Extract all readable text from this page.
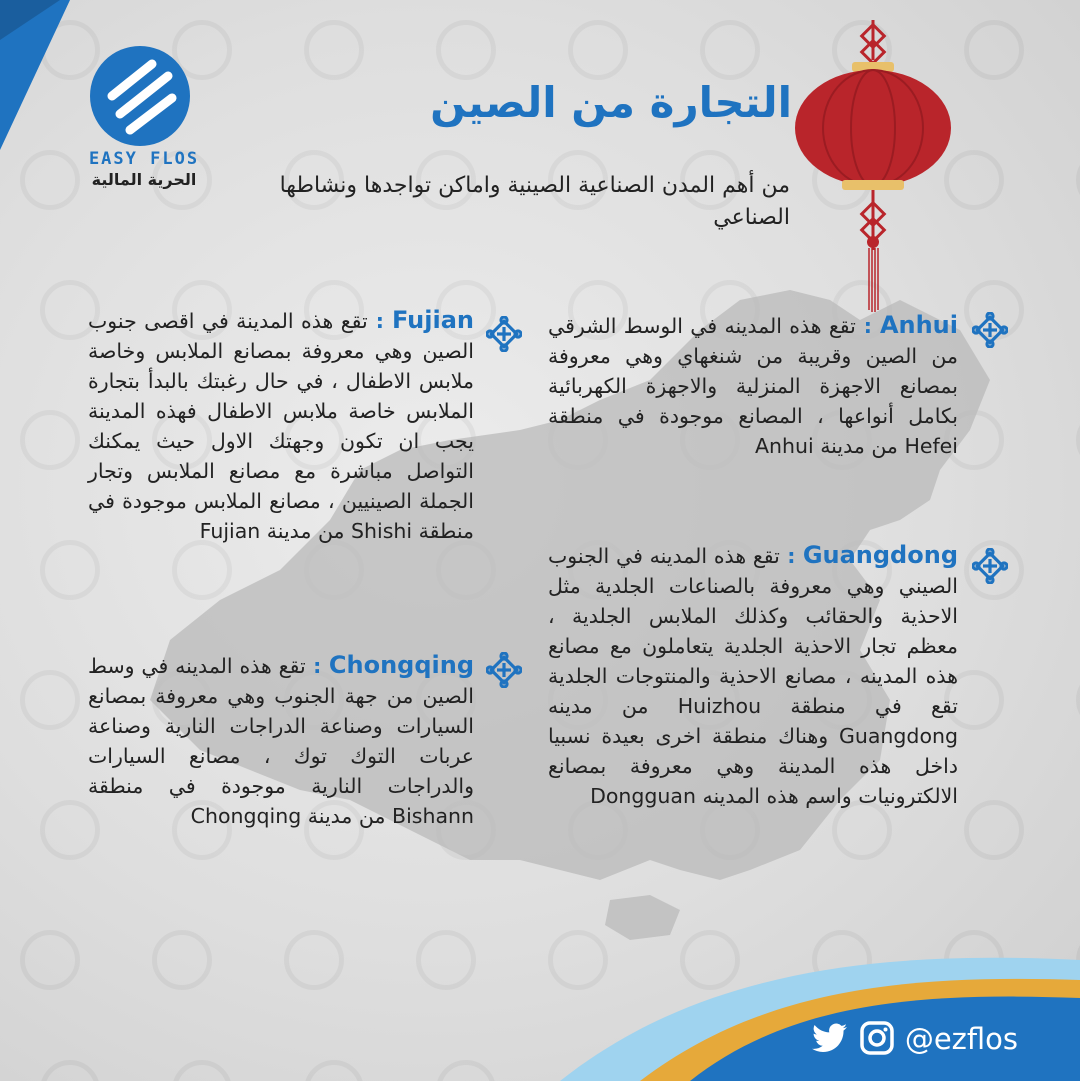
EASY FLOS
الحرية المالية
التجارة من الصين
من أهم المدن الصناعية الصينية واماكن تواجدها ونشاطها الصناعي
Anhui : تقع هذه المدينه في الوسط الشرقي من الصين وقريبة من شنغهاي وهي معروفة بمصانع الاجهزة المنزلية والاجهزة الكهربائية بكامل أنواعها ، المصانع موجودة في منطقة Hefei من مدينة Anhui
Guangdong : تقع هذه المدينه في الجنوب الصيني وهي معروفة بالصناعات الجلدية مثل الاحذية والحقائب وكذلك الملابس الجلدية ، معظم تجار الاحذية الجلدية يتعاملون مع مصانع هذه المدينه ، مصانع الاحذية والمنتوجات الجلدية تقع في منطقة Huizhou من مدينه Guangdong وهناك منطقة اخرى بعيدة نسبيا داخل هذه المدينة وهي معروفة بمصانع الالكترونيات واسم هذه المدينه Dongguan
Fujian : تقع هذه المدينة في اقصى جنوب الصين وهي معروفة بمصانع الملابس وخاصة ملابس الاطفال ، في حال رغبتك بالبدأ بتجارة الملابس خاصة ملابس الاطفال فهذه المدينة يجب ان تكون وجهتك الاول حيث يمكنك التواصل مباشرة مع مصانع الملابس وتجار الجملة الصينيين ، مصانع الملابس موجودة في منطقة Shishi من مدينة Fujian
Chongqing : تقع هذه المدينه في وسط الصين من جهة الجنوب وهي معروفة بمصانع السيارات وصناعة الدراجات النارية وصناعة عربات التوك توك ، مصانع السيارات والدراجات النارية موجودة في منطقة Bishann من مدينة Chongqing
@ezflos
